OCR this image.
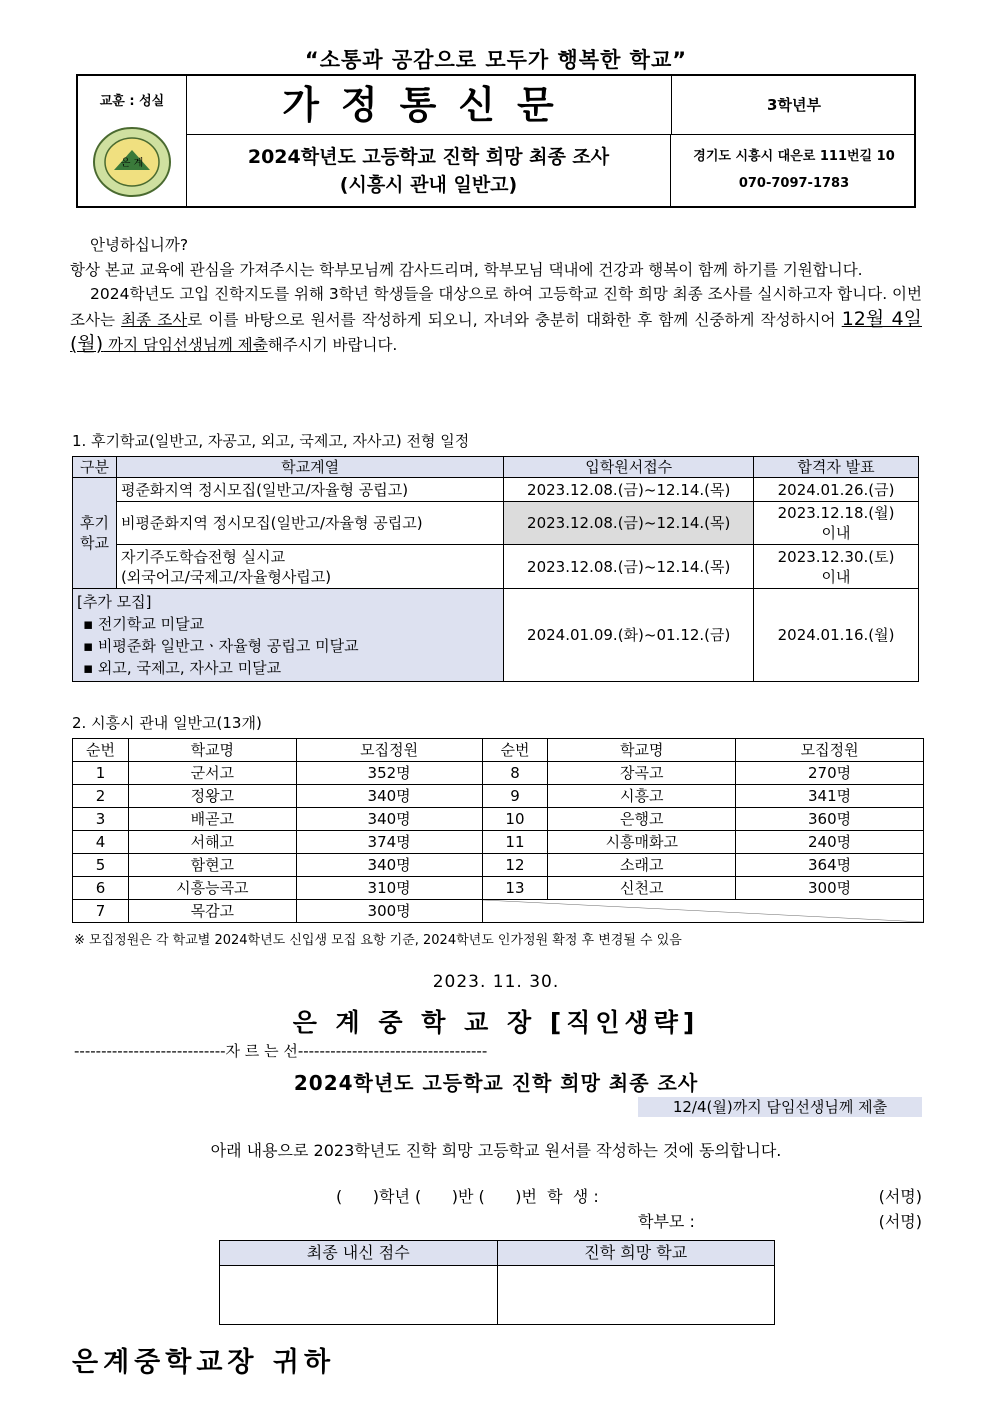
“소통과 공감으로 모두가 행복한 학교”
교훈 : 성실
은 계
가정통신문	3학년부
2024학년도 고등학교 진학 희망 최종 조사
(시흥시 관내 일반고)
경기도 시흥시 대은로 111번길 10
070-7097-1783

안녕하십니까?

항상 본교 교육에 관심을 가져주시는 학부모님께 감사드리며, 학부모님 댁내에 건강과 행복이 함께 하기를 기원합니다.

2024학년도 고입 진학지도를 위해 3학년 학생들을 대상으로 하여 고등학교 진학 희망 최종 조사를 실시하고자 합니다. 이번 조사는 최종 조사로 이를 바탕으로 원서를 작성하게 되오니, 자녀와 충분히 대화한 후 함께 신중하게 작성하시어 12월 4일(월) 까지 담임선생님께 제출해주시기 바랍니다.

1. 후기학교(일반고, 자공고, 외고, 국제고, 자사고) 전형 일정
구분	학교계열	입학원서접수	합격자 발표
후기
학교	평준화지역 정시모집(일반고/자율형 공립고)	2023.12.08.(금)~12.14.(목)	2024.01.26.(금)
	비평준화지역 정시모집(일반고/자율형 공립고)	2023.12.08.(금)~12.14.(목)	2023.12.18.(월)
이내
	자기주도학습전형 실시교
(외국어고/국제고/자율형사립고)	2023.12.08.(금)~12.14.(목)	2023.12.30.(토)
이내

[추가 모집]
▪ 전기학교 미달교
▪ 비평준화 일반고ㆍ자율형 공립고 미달교
▪ 외고, 국제고, 자사고 미달교		2024.01.09.(화)~01.12.(금)	2024.01.16.(월)
2. 시흥시 관내 일반고(13개)
순번	학교명	모집정원	순번	학교명	모집정원
1	군서고	352명	8	장곡고	270명
2	정왕고	340명	9	시흥고	341명
3	배곧고	340명	10	은행고	360명
4	서해고	374명	11	시흥매화고	240명
5	함현고	340명	12	소래고	364명
6	시흥능곡고	310명	13	신천고	300명
7	목감고	300명	
※ 모집정원은 각 학교별 2024학년도 신입생 모집 요항 기준, 2024학년도 인가정원 확정 후 변경될 수 있음
2023. 11. 30.
은 계 중 학 교 장 [직인생략]
----------------------------자 르 는 선-----------------------------------
2024학년도 고등학교 진학 희망 최종 조사
12/4(월)까지 담임선생님께 제출
아래 내용으로 2023학년도 진학 희망 고등학교 원서를 작성하는 것에 동의합니다.
(      )학년 (      )반 (      )번  학  생 :	(서명)
학부모 :	(서명)
최종 내신 점수	진학 희망 학교

은계중학교장 귀하
